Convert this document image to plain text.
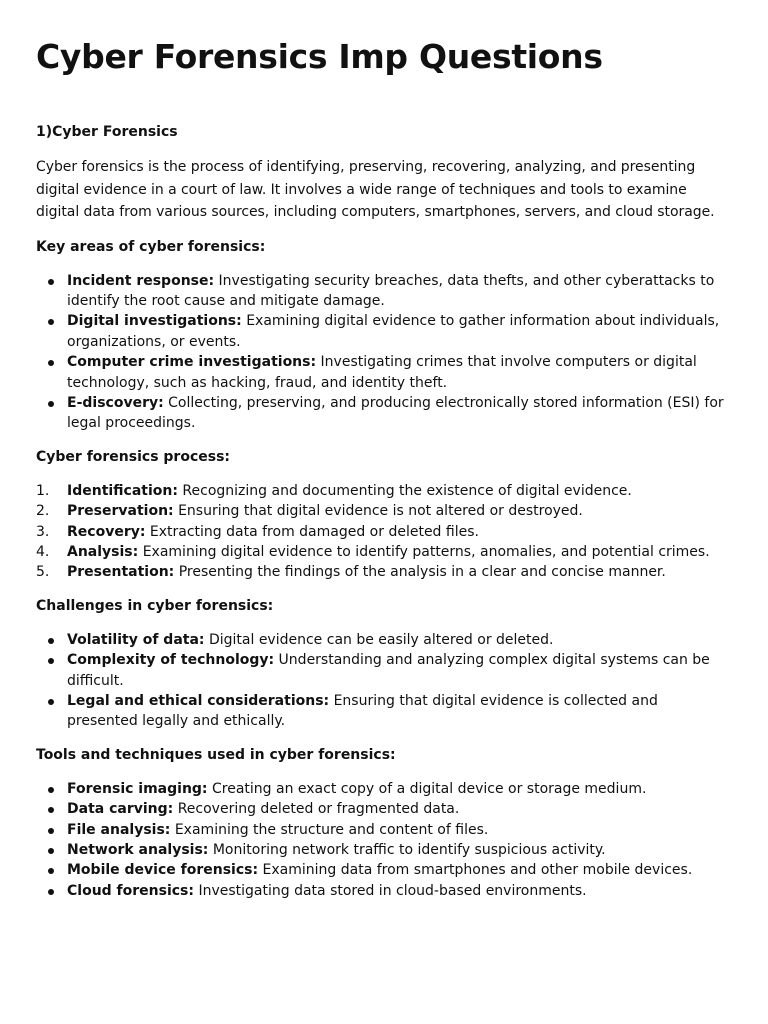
Cyber Forensics Imp Questions
1)Cyber Forensics

Cyber forensics is the process of identifying, preserving, recovering, analyzing, and presenting digital evidence in a court of law. It involves a wide range of techniques and tools to examine digital data from various sources, including computers, smartphones, servers, and cloud storage.

Key areas of cyber forensics:
Incident response: Investigating security breaches, data thefts, and other cyberattacks to identify the root cause and mitigate damage.
Digital investigations: Examining digital evidence to gather information about individuals, organizations, or events.
Computer crime investigations: Investigating crimes that involve computers or digital technology, such as hacking, fraud, and identity theft.
E-discovery: Collecting, preserving, and producing electronically stored information (ESI) for legal proceedings.
Cyber forensics process:
Identification: Recognizing and documenting the existence of digital evidence.
Preservation: Ensuring that digital evidence is not altered or destroyed.
Recovery: Extracting data from damaged or deleted files.
Analysis: Examining digital evidence to identify patterns, anomalies, and potential crimes.
Presentation: Presenting the findings of the analysis in a clear and concise manner.
Challenges in cyber forensics:
Volatility of data: Digital evidence can be easily altered or deleted.
Complexity of technology: Understanding and analyzing complex digital systems can be difficult.
Legal and ethical considerations: Ensuring that digital evidence is collected and presented legally and ethically.
Tools and techniques used in cyber forensics:
Forensic imaging: Creating an exact copy of a digital device or storage medium.
Data carving: Recovering deleted or fragmented data.
File analysis: Examining the structure and content of files.
Network analysis: Monitoring network traffic to identify suspicious activity.
Mobile device forensics: Examining data from smartphones and other mobile devices.
Cloud forensics: Investigating data stored in cloud-based environments.
